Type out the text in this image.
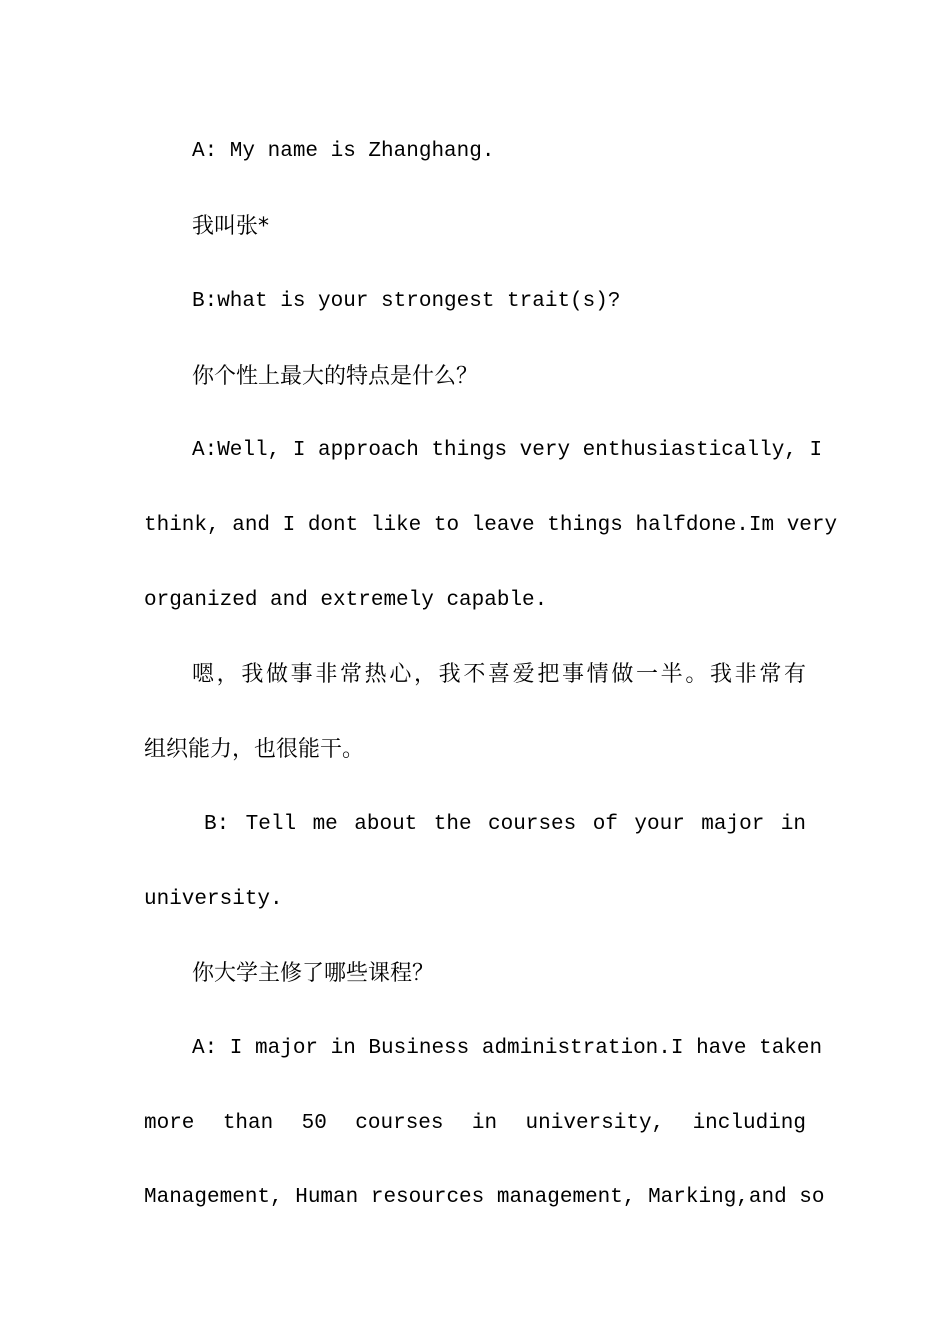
A: My name is Zhanghang.
我叫张*
B:what is your strongest trait(s)?
你个性上最大的特点是什么？
A:Well, I approach things very enthusiastically, I
think, and I dont like to leave things halfdone.Im very
organized and extremely capable.
嗯，我做事非常热心，我不喜爱把事情做一半。我非常有
组织能力，也很能干。
B: Tell me about the courses of your major in
university.
你大学主修了哪些课程？
A: I major in Business administration.I have taken
more than 50 courses in university, including
Management, Human resources management, Marking,and so
